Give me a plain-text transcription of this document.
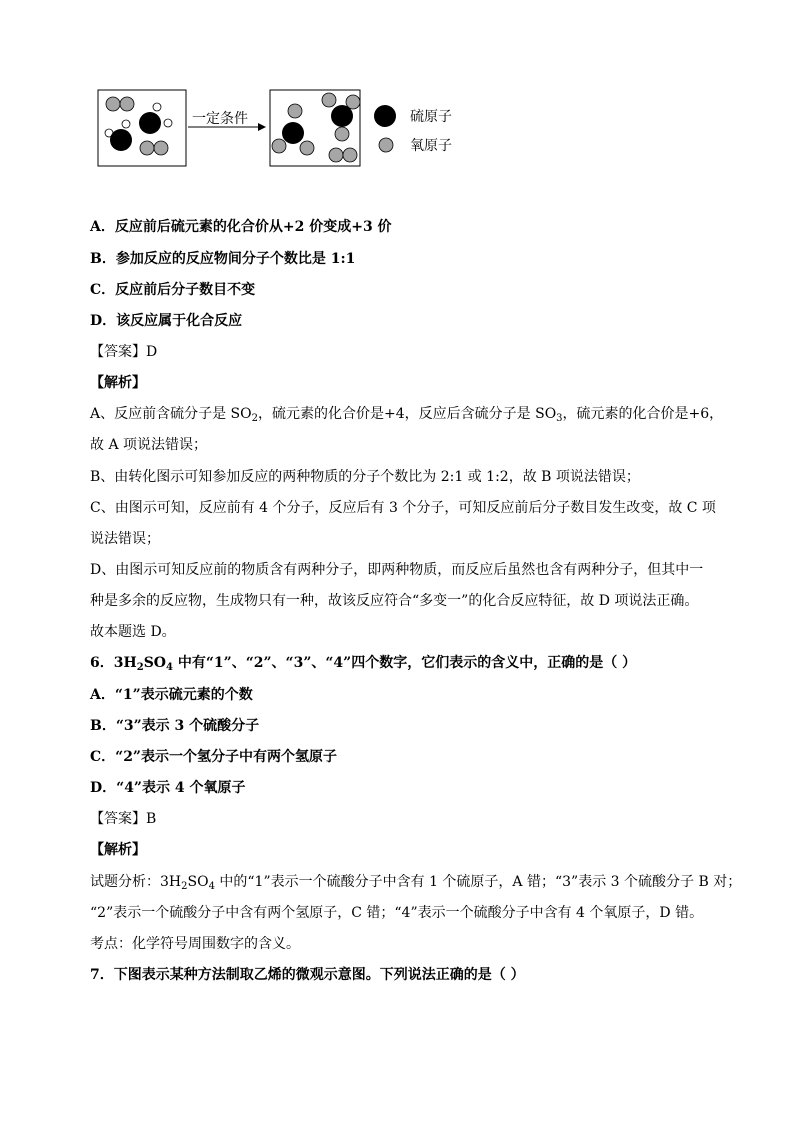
一定条件	硫原子
氧原子
A．反应前后硫元素的化合价从+2 价变成+3 价
B．参加反应的反应物间分子个数比是 1:1
C．反应前后分子数目不变
D．该反应属于化合反应
【答案】D
【解析】
A、反应前含硫分子是 $SO_2$，硫元素的化合价是+4，反应后含硫分子是 $SO_3$，硫元素的化合价是+6，
故 A 项说法错误；
B、由转化图示可知参加反应的两种物质的分子个数比为 2:1 或 1:2，故 B 项说法错误；
C、由图示可知，反应前有 4 个分子，反应后有 3 个分子，可知反应前后分子数目发生改变，故 C 项
说法错误；
D、由图示可知反应前的物质含有两种分子，即两种物质，而反应后虽然也含有两种分子，但其中一
种是多余的反应物，生成物只有一种，故该反应符合“多变一”的化合反应特征，故 D 项说法正确。
故本题选 D。
6．$3H_2SO_4$ 中有“1”、“2”、“3”、“4”四个数字，它们表示的含义中，正确的是（ ）
A．“1”表示硫元素的个数
B．“3”表示 3 个硫酸分子
C．“2”表示一个氢分子中有两个氢原子
D．“4”表示 4 个氧原子
【答案】B
【解析】
试题分析：$3H_2SO_4$ 中的“1”表示一个硫酸分子中含有 1 个硫原子，A 错；“3”表示 3 个硫酸分子 B 对；
“2”表示一个硫酸分子中含有两个氢原子，C 错；“4”表示一个硫酸分子中含有 4 个氧原子，D 错。
考点：化学符号周围数字的含义。
7．下图表示某种方法制取乙烯的微观示意图。下列说法正确的是（ ）
